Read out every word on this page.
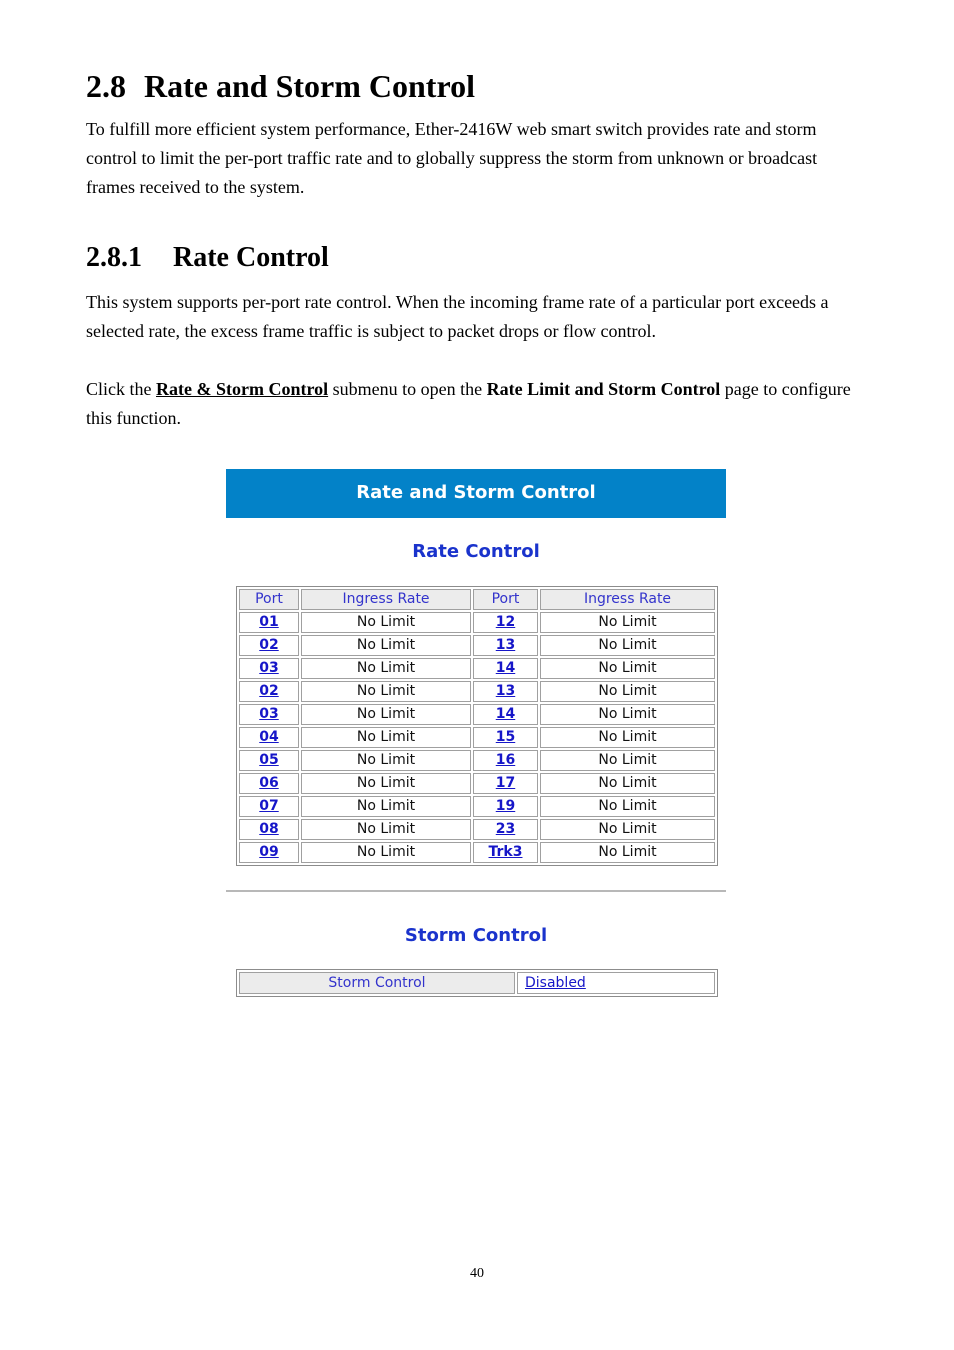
2.8 Rate and Storm Control

To fulfill more efficient system performance, Ether-2416W web smart switch provides rate and storm control to limit the per-port traffic rate and to globally suppress the storm from unknown or broadcast frames received to the system.

2.8.1 Rate Control

This system supports per-port rate control. When the incoming frame rate of a particular port exceeds a selected rate, the excess frame traffic is subject to packet drops or flow control.

Click the Rate & Storm Control submenu to open the Rate Limit and Storm Control page to configure this function.

Rate and Storm Control
Rate Control
Port	Ingress Rate	Port	Ingress Rate
01	No Limit	12	No Limit
02	No Limit	13	No Limit
03	No Limit	14	No Limit
02	No Limit	13	No Limit
03	No Limit	14	No Limit
04	No Limit	15	No Limit
05	No Limit	16	No Limit
06	No Limit	17	No Limit
07	No Limit	19	No Limit
08	No Limit	23	No Limit
09	No Limit	Trk3	No Limit
Storm Control
Storm Control	Disabled
40
